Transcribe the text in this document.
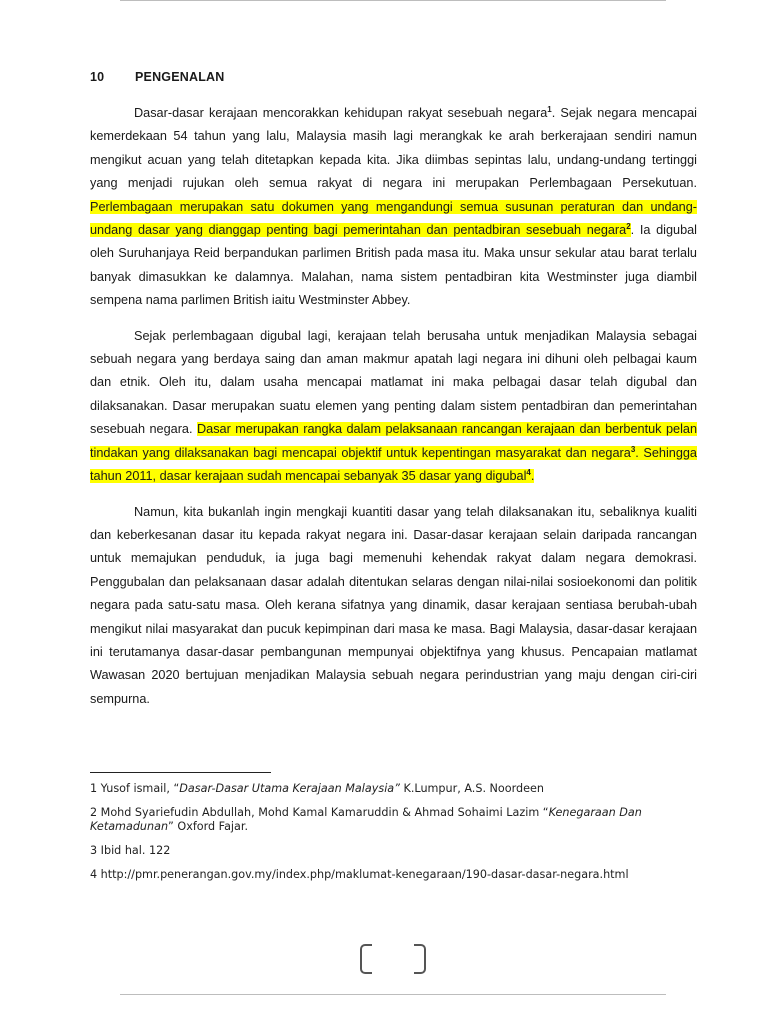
10 PENGENALAN

Dasar-dasar kerajaan mencorakkan kehidupan rakyat sesebuah negara$^1$. Sejak negara mencapai kemerdekaan 54 tahun yang lalu, Malaysia masih lagi merangkak ke arah berkerajaan sendiri namun mengikut acuan yang telah ditetapkan kepada kita. Jika diimbas sepintas lalu, undang-undang tertinggi yang menjadi rujukan oleh semua rakyat di negara ini merupakan Perlembagaan Persekutuan. Perlembagaan merupakan satu dokumen yang mengandungi semua susunan peraturan dan undang-undang dasar yang dianggap penting bagi pemerintahan dan pentadbiran sesebuah negara$^2$. Ia digubal oleh Suruhanjaya Reid berpandukan parlimen British pada masa itu. Maka unsur sekular atau barat terlalu banyak dimasukkan ke dalamnya. Malahan, nama sistem pentadbiran kita Westminster juga diambil sempena nama parlimen British iaitu Westminster Abbey.

Sejak perlembagaan digubal lagi, kerajaan telah berusaha untuk menjadikan Malaysia sebagai sebuah negara yang berdaya saing dan aman makmur apatah lagi negara ini dihuni oleh pelbagai kaum dan etnik. Oleh itu, dalam usaha mencapai matlamat ini maka pelbagai dasar telah digubal dan dilaksanakan. Dasar merupakan suatu elemen yang penting dalam sistem pentadbiran dan pemerintahan sesebuah negara. Dasar merupakan rangka dalam pelaksanaan rancangan kerajaan dan berbentuk pelan tindakan yang dilaksanakan bagi mencapai objektif untuk kepentingan masyarakat dan negara$^3$. Sehingga tahun 2011, dasar kerajaan sudah mencapai sebanyak 35 dasar yang digubal$^4$.

Namun, kita bukanlah ingin mengkaji kuantiti dasar yang telah dilaksanakan itu, sebaliknya kualiti dan keberkesanan dasar itu kepada rakyat negara ini. Dasar-dasar kerajaan selain daripada rancangan untuk memajukan penduduk, ia juga bagi memenuhi kehendak rakyat dalam negara demokrasi. Penggubalan dan pelaksanaan dasar adalah ditentukan selaras dengan nilai-nilai sosioekonomi dan politik negara pada satu-satu masa. Oleh kerana sifatnya yang dinamik, dasar kerajaan sentiasa berubah-ubah mengikut nilai masyarakat dan pucuk kepimpinan dari masa ke masa. Bagi Malaysia, dasar-dasar kerajaan ini terutamanya dasar-dasar pembangunan mempunyai objektifnya yang khusus. Pencapaian matlamat Wawasan 2020 bertujuan menjadikan Malaysia sebuah negara perindustrian yang maju dengan ciri-ciri sempurna.

1 Yusof ismail, “Dasar-Dasar Utama Kerajaan Malaysia” K.Lumpur, A.S. Noordeen
2 Mohd Syariefudin Abdullah, Mohd Kamal Kamaruddin & Ahmad Sohaimi Lazim “Kenegaraan Dan Ketamadunan” Oxford Fajar.
3 Ibid hal. 122
4 http://pmr.penerangan.gov.my/index.php/maklumat-kenegaraan/190-dasar-dasar-negara.html
